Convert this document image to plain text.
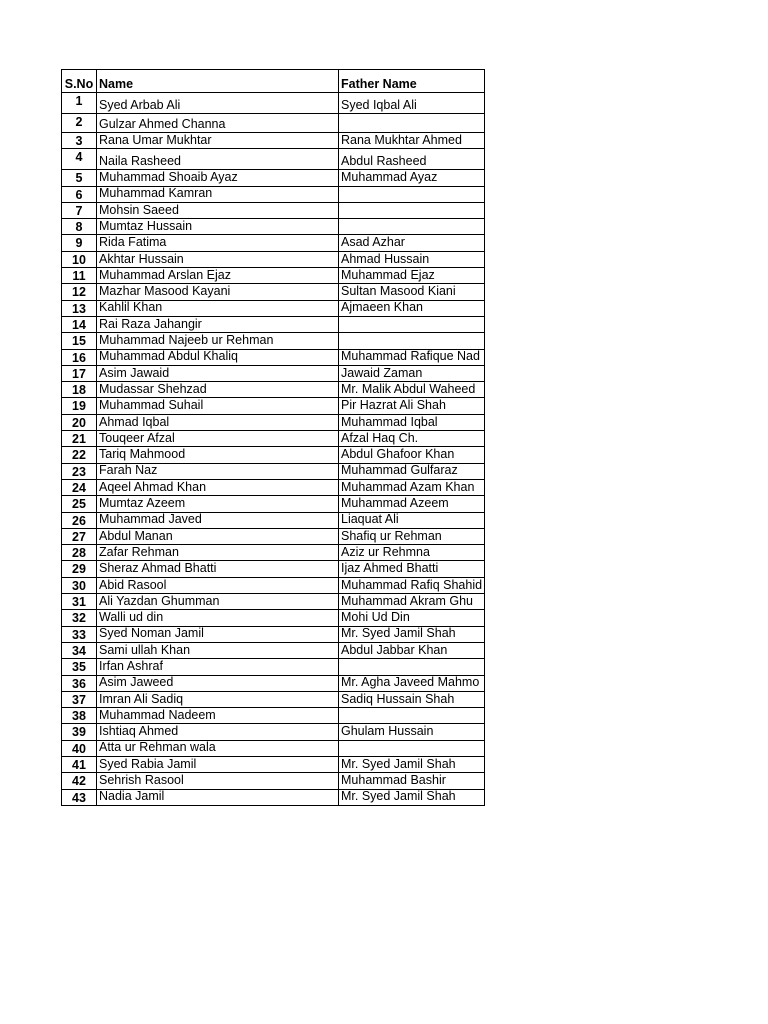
S.No	Name	Father Name
1	Syed Arbab Ali	Syed Iqbal Ali
2	Gulzar Ahmed Channa	
3	Rana Umar Mukhtar	Rana Mukhtar Ahmed
4	Naila Rasheed	Abdul Rasheed
5	Muhammad Shoaib Ayaz	Muhammad Ayaz
6	Muhammad Kamran	
7	Mohsin Saeed	
8	Mumtaz Hussain	
9	Rida Fatima	Asad Azhar
10	Akhtar Hussain	Ahmad Hussain
11	Muhammad Arslan Ejaz	Muhammad Ejaz
12	Mazhar Masood Kayani	Sultan Masood Kiani
13	Kahlil Khan	Ajmaeen Khan
14	Rai Raza Jahangir	
15	Muhammad Najeeb ur Rehman	
16	Muhammad Abdul Khaliq	Muhammad Rafique Nad
17	Asim Jawaid	Jawaid Zaman
18	Mudassar Shehzad	Mr. Malik Abdul Waheed
19	Muhammad Suhail	Pir Hazrat Ali Shah
20	Ahmad Iqbal	Muhammad Iqbal
21	Touqeer Afzal	Afzal Haq Ch.
22	Tariq Mahmood	Abdul Ghafoor Khan
23	Farah Naz	Muhammad Gulfaraz
24	Aqeel Ahmad Khan	Muhammad Azam Khan
25	Mumtaz Azeem	Muhammad Azeem
26	Muhammad Javed	Liaquat Ali
27	Abdul Manan	Shafiq ur Rehman
28	Zafar Rehman	Aziz ur Rehmna
29	Sheraz Ahmad Bhatti	Ijaz Ahmed Bhatti
30	Abid Rasool	Muhammad Rafiq Shahid
31	Ali Yazdan Ghumman	Muhammad Akram Ghu
32	Walli ud din	Mohi Ud Din
33	Syed Noman Jamil	Mr. Syed Jamil Shah
34	Sami ullah Khan	Abdul Jabbar Khan
35	Irfan Ashraf	
36	Asim Jaweed	Mr. Agha Javeed Mahmo
37	Imran Ali Sadiq	Sadiq Hussain Shah
38	Muhammad Nadeem	
39	Ishtiaq Ahmed	Ghulam Hussain
40	Atta ur Rehman wala	
41	Syed Rabia Jamil	Mr. Syed Jamil Shah
42	Sehrish Rasool	Muhammad Bashir
43	Nadia Jamil	Mr. Syed Jamil Shah
